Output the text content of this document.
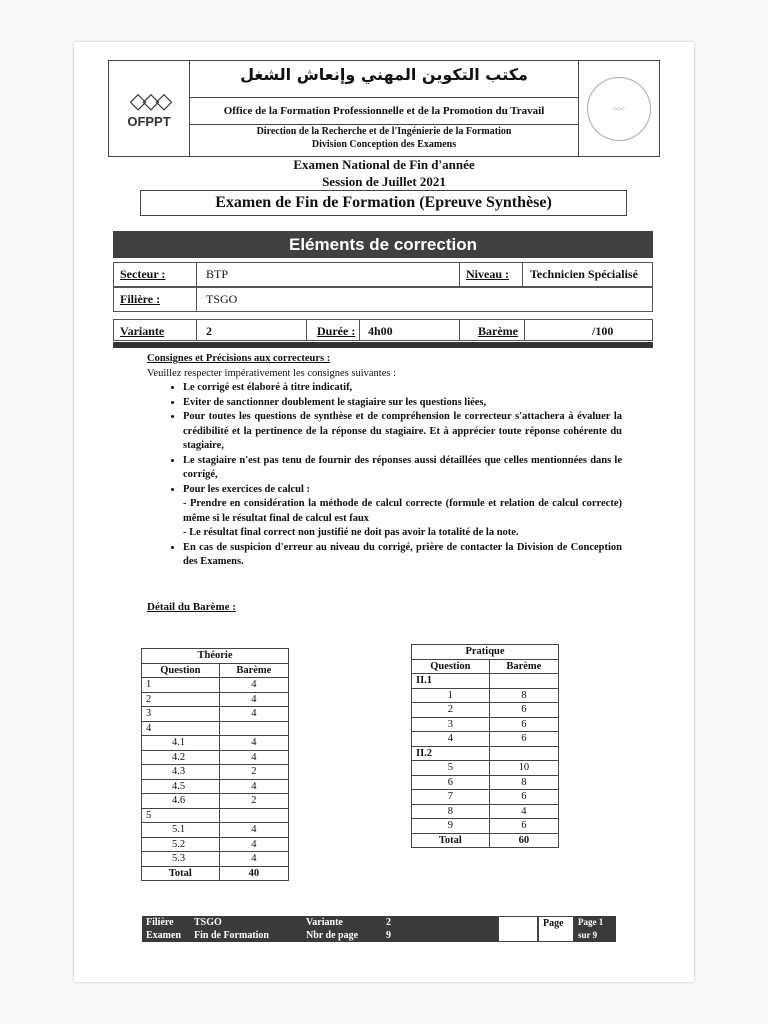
◇◇◇
OFPPT
مكتب التكوين المهني وإنعاش الشغل
Office de la Formation Professionnelle et de la Promotion du Travail
Direction de la Recherche et de l'Ingénierie de la Formation
Division Conception des Examens
◇◇◇
Examen National de Fin d'année
Session de Juillet 2021
Examen de Fin de Formation (Epreuve Synthèse)
Eléments de correction
Secteur :	BTP	Niveau : Technicien Spécialisé
Filière :	TSGO
Variante	2	Durée : 4h00	Barème	/100
Consignes et Précisions aux correcteurs :
Veuillez respecter impérativement les consignes suivantes :
• Le corrigé est élaboré à titre indicatif,
• Eviter de sanctionner doublement le stagiaire sur les questions liées,
• Pour toutes les questions de synthèse et de compréhension le correcteur s'attachera à évaluer la crédibilité et la pertinence de la réponse du stagiaire. Et à apprécier toute réponse cohérente du stagiaire,
• Le stagiaire n'est pas tenu de fournir des réponses aussi détaillées que celles mentionnées dans le corrigé,
• Pour les exercices de calcul :
- Prendre en considération la méthode de calcul correcte (formule et relation de calcul correcte) même si le résultat final de calcul est faux
- Le résultat final correct non justifié ne doit pas avoir la totalité de la note.
• En cas de suspicion d'erreur au niveau du corrigé, prière de contacter la Division de Conception des Examens.
Détail du Barème :
Théorie	
Question	Barème
1	4
2	4
3	4
4	
4.1	4
4.2	4
4.3	2
4.5	4
4.6	2
5	
5.1	4
5.2	4
5.3	4
Total	40
Pratique	
Question	Barème
II.1	
1	8
2	6
3	6
4	6
II.2	
5	10
6	8
7	6
8	4
9	6
Total	60
Filière	TSGO	Variante	2
Examen	Fin de Formation	Nbr de page	9
Page	Page 1 sur 9
